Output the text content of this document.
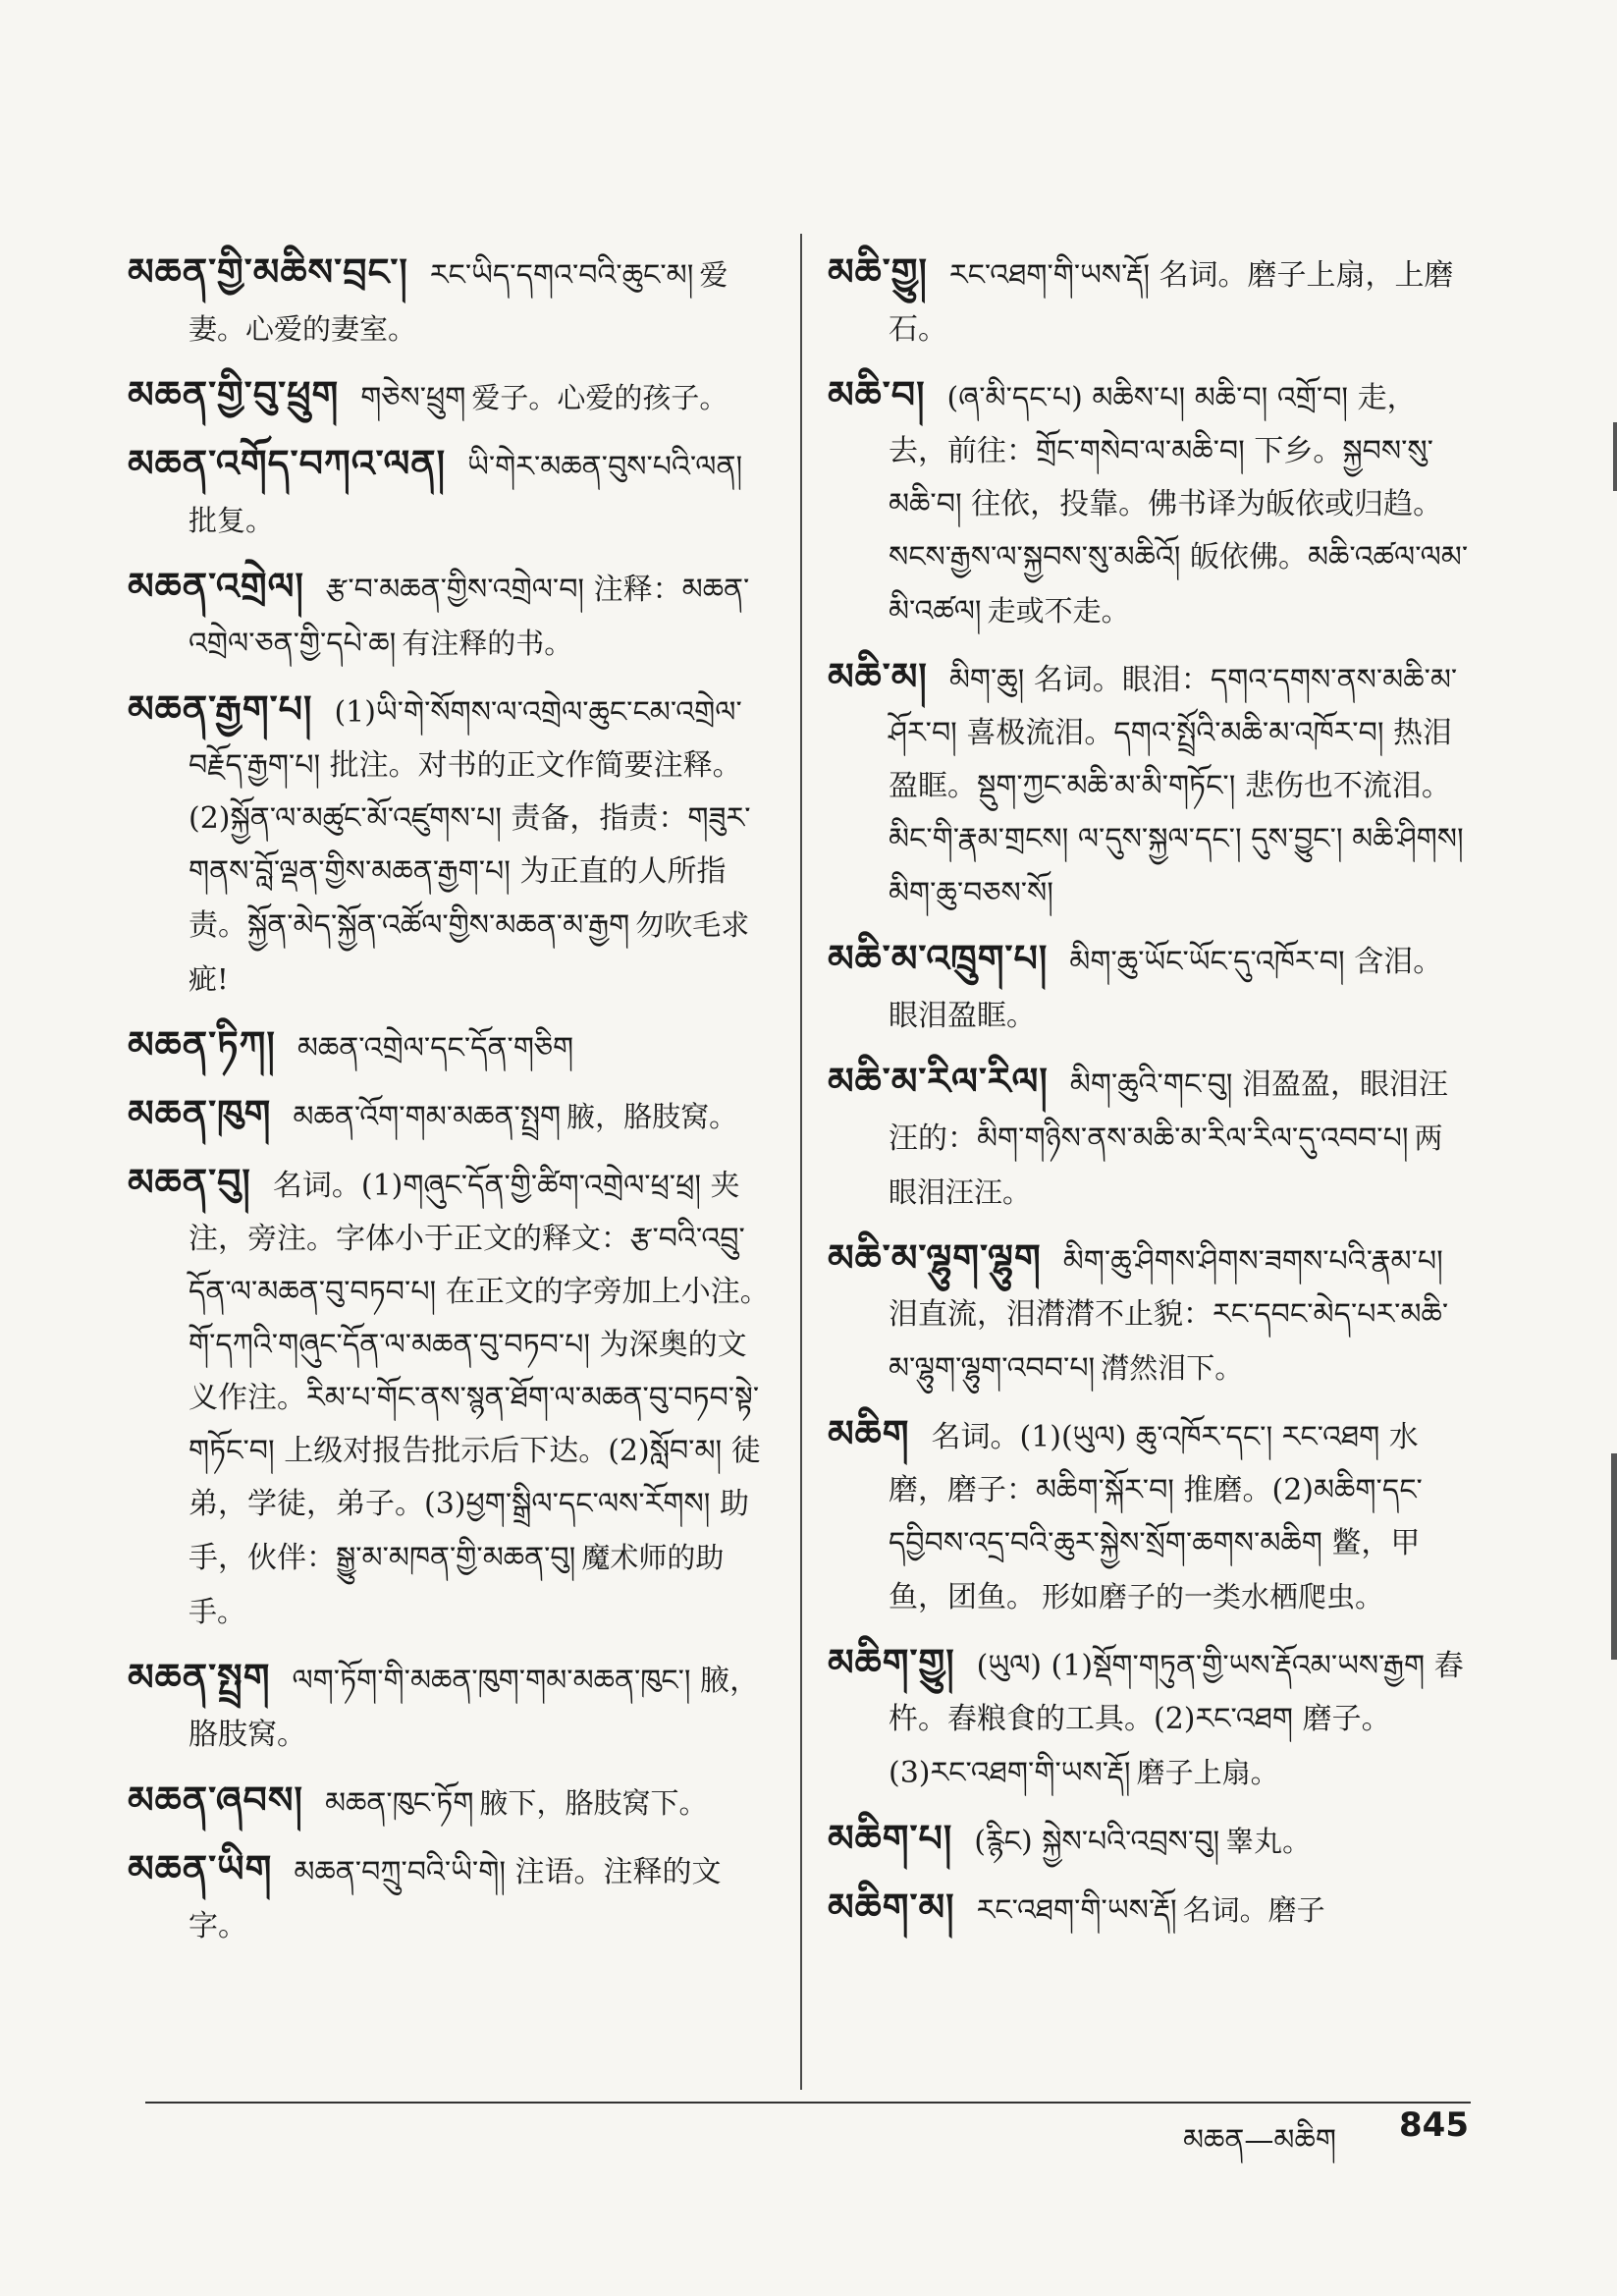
མཆན་གྱི་མཆིས་བྲང་། རང་ཡིད་དགའ་བའི་ཆུང་མ། 爱妻。心爱的妻室。
མཆན་གྱི་བུ་ཕྲུག གཅེས་ཕྲུག 爱子。心爱的孩子。
མཆན་འགོད་བཀའ་ལན། ཡི་གེར་མཆན་བུས་པའི་ལན།批复。
མཆན་འགྲེལ། རྩ་བ་མཆན་གྱིས་འགྲེལ་བ། 注释：མཆན་འགྲེལ་ཅན་གྱི་དཔེ་ཆ། 有注释的书。
མཆན་རྒྱག་པ། (1)ཡི་གེ་སོགས་ལ་འགྲེལ་ཆུང་ངམ་འགྲེལ་བརྗོད་རྒྱག་པ། 批注。对书的正文作简要注释。(2)སྐྱོན་ལ་མཚུང་མོ་འཛུགས་པ། 责备，指责：གཟུར་གནས་བློ་ལྡན་གྱིས་མཆན་རྒྱག་པ། 为正直的人所指责。སྐྱོན་མེད་སྐྱོན་འཚོལ་གྱིས་མཆན་མ་རྒྱག 勿吹毛求疵!
མཆན་ཏིཀ། མཆན་འགྲེལ་དང་དོན་གཅིག
མཆན་ཁུག མཆན་འོག་གམ་མཆན་སྤྲག 腋，胳肢窝。
མཆན་བུ། 名词。(1)གཞུང་དོན་གྱི་ཚིག་འགྲེལ་ཕྲ་ཕྲ། 夹注，旁注。字体小于正文的释文：རྩ་བའི་འབྲུ་དོན་ལ་མཆན་བུ་བཏབ་པ། 在正文的字旁加上小注。གོ་དཀའི་གཞུང་དོན་ལ་མཆན་བུ་བཏབ་པ། 为深奥的文义作注。རིམ་པ་གོང་ནས་སྙན་ཐོག་ལ་མཆན་བུ་བཏབ་སྟེ་གཏོང་བ། 上级对报告批示后下达。(2)སློབ་མ། 徒弟，学徒，弟子。(3)ཕྱག་སྒྲིལ་དང་ལས་རོགས། 助手，伙伴：སྒྱུ་མ་མཁན་གྱི་མཆན་བུ། 魔术师的助手。
མཆན་སྤྲག ལག་ཏོག་གི་མཆན་ཁུག་གམ་མཆན་ཁུང་། 腋，胳肢窝。
མཆན་ཞབས། མཆན་ཁུང་ཏོག 腋下，胳肢窝下。
མཆན་ཡིག མཆན་བཀྲུ་བའི་ཡི་གེ། 注语。注释的文字。
མཆི་གྱུ། རང་འཐག་གི་ཡས་རྡོ། 名词。磨子上扇，上磨石。
མཆི་བ། (ཞ་མི་དང་པ) མཆིས་པ། མཆི་བ། འགྲོ་བ། 走，去，前往：གྲོང་གསེབ་ལ་མཆི་བ། 下乡。སྐྱབས་སུ་མཆི་བ། 往依，投靠。佛书译为皈依或归趋。སངས་རྒྱས་ལ་སྐྱབས་སུ་མཆིའོ། 皈依佛。མཆི་འཚལ་ལམ་མི་འཚལ། 走或不走。
མཆི་མ། མིག་ཆུ། 名词。眼泪：དགའ་དགས་ནས་མཆི་མ་ཤོར་བ། 喜极流泪。དགའ་སྤྲོའི་མཆི་མ་འཁོར་བ། 热泪盈眶。སྡུག་ཀྱང་མཆི་མ་མི་གཏོང་། 悲伤也不流泪。མིང་གི་རྣམ་གྲངས། ལ་དུས་སྐྱལ་དང་། དུས་བྱུང་། མཆི་ཤིགས། མིག་ཆུ་བཅས་སོ།
མཆི་མ་འཁྲུག་པ། མིག་ཆུ་ཡོང་ཡོང་དུ་འཁོར་བ། 含泪。眼泪盈眶。
མཆི་མ་རིལ་རིལ། མིག་ཆུའི་གང་བུ། 泪盈盈，眼泪汪汪的：མིག་གཉིས་ནས་མཆི་མ་རིལ་རིལ་དུ་འབབ་པ། 两眼泪汪汪。
མཆི་མ་ལྷུག་ལྷུག མིག་ཆུ་ཤིགས་ཤིགས་ཟགས་པའི་རྣམ་པ། 泪直流，泪潸潸不止貌：རང་དབང་མེད་པར་མཆི་མ་ལྷུག་ལྷུག་འབབ་པ། 潸然泪下。
མཆིག 名词。(1)(ཡུལ) ཆུ་འཁོར་དང་། རང་འཐག 水磨，磨子：མཆིག་སྐོར་བ། 推磨。(2)མཆིག་དང་དབྱིབས་འདྲ་བའི་ཆུར་སྐྱེས་སྲོག་ཆགས་མཆིག 鳖，甲鱼，团鱼。 形如磨子的一类水栖爬虫。
མཆིག་གྱུ། (ཡུལ) (1)སྡོག་གཏུན་གྱི་ཡས་རྡོའམ་ཡས་རྒྱག 舂杵。舂粮食的工具。(2)རང་འཐག 磨子。(3)རང་འཐག་གི་ཡས་རྡོ། 磨子上扇。
མཆིག་པ། (རྙིང) སྐྱེས་པའི་འབྲས་བུ། 睾丸。
མཆིག་མ། རང་འཐག་གི་ཡས་རྡོ། 名词。磨子
མཆན—མཆིག 845
